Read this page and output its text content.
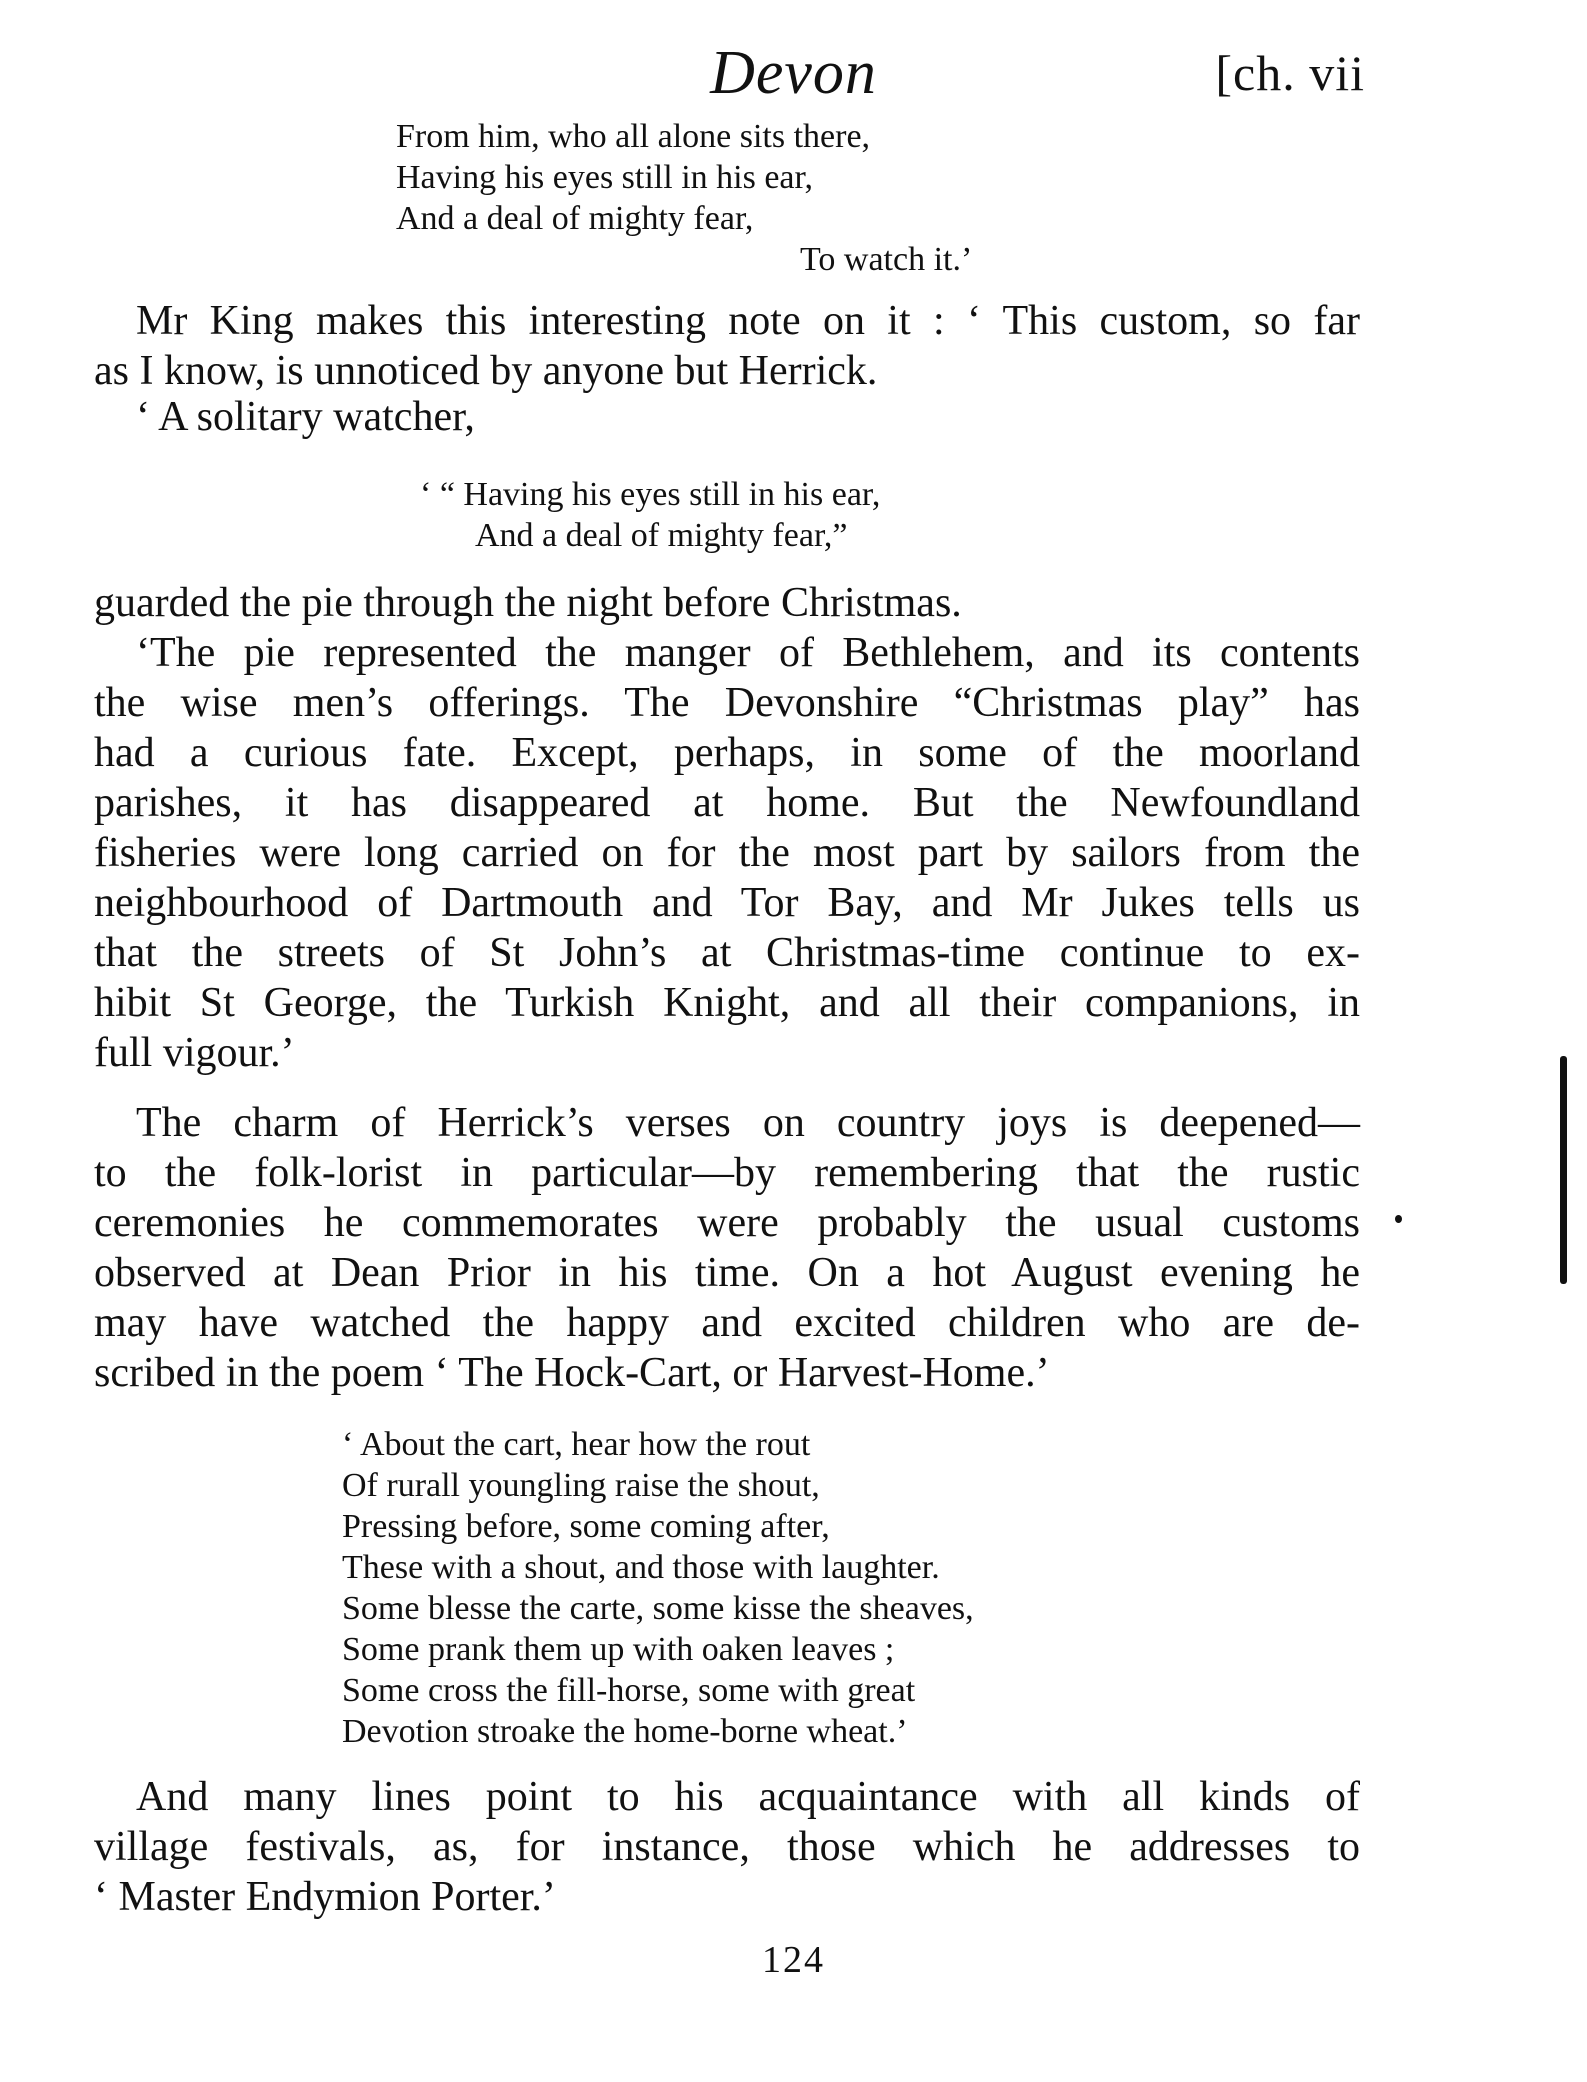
Devon	[ch. vii
From him, who all alone sits there,
Having his eyes still in his ear,
And a deal of mighty fear,
To watch it.’
Mr King makes this interesting note on it : ‘ This custom, so far
as I know, is unnoticed by anyone but Herrick.
‘ A solitary watcher,
‘ “ Having his eyes still in his ear,
And a deal of mighty fear,”
guarded the pie through the night before Christmas.
‘The pie represented the manger of Bethlehem, and its contents
the wise men’s offerings. The Devonshire “Christmas play” has
had a curious fate. Except, perhaps, in some of the moorland
parishes, it has disappeared at home. But the Newfoundland
fisheries were long carried on for the most part by sailors from the
neighbourhood of Dartmouth and Tor Bay, and Mr Jukes tells us
that the streets of St John’s at Christmas-time continue to ex-
hibit St George, the Turkish Knight, and all their companions, in
full vigour.’
The charm of Herrick’s verses on country joys is deepened—
to the folk-lorist in particular—by remembering that the rustic
ceremonies he commemorates were probably the usual customs
observed at Dean Prior in his time. On a hot August evening he
may have watched the happy and excited children who are de-
scribed in the poem ‘ The Hock-Cart, or Harvest-Home.’
‘ About the cart, hear how the rout
Of rurall youngling raise the shout,
Pressing before, some coming after,
These with a shout, and those with laughter.
Some blesse the carte, some kisse the sheaves,
Some prank them up with oaken leaves ;
Some cross the fill-horse, some with great
Devotion stroake the home-borne wheat.’
And many lines point to his acquaintance with all kinds of
village festivals, as, for instance, those which he addresses to
‘ Master Endymion Porter.’
124
